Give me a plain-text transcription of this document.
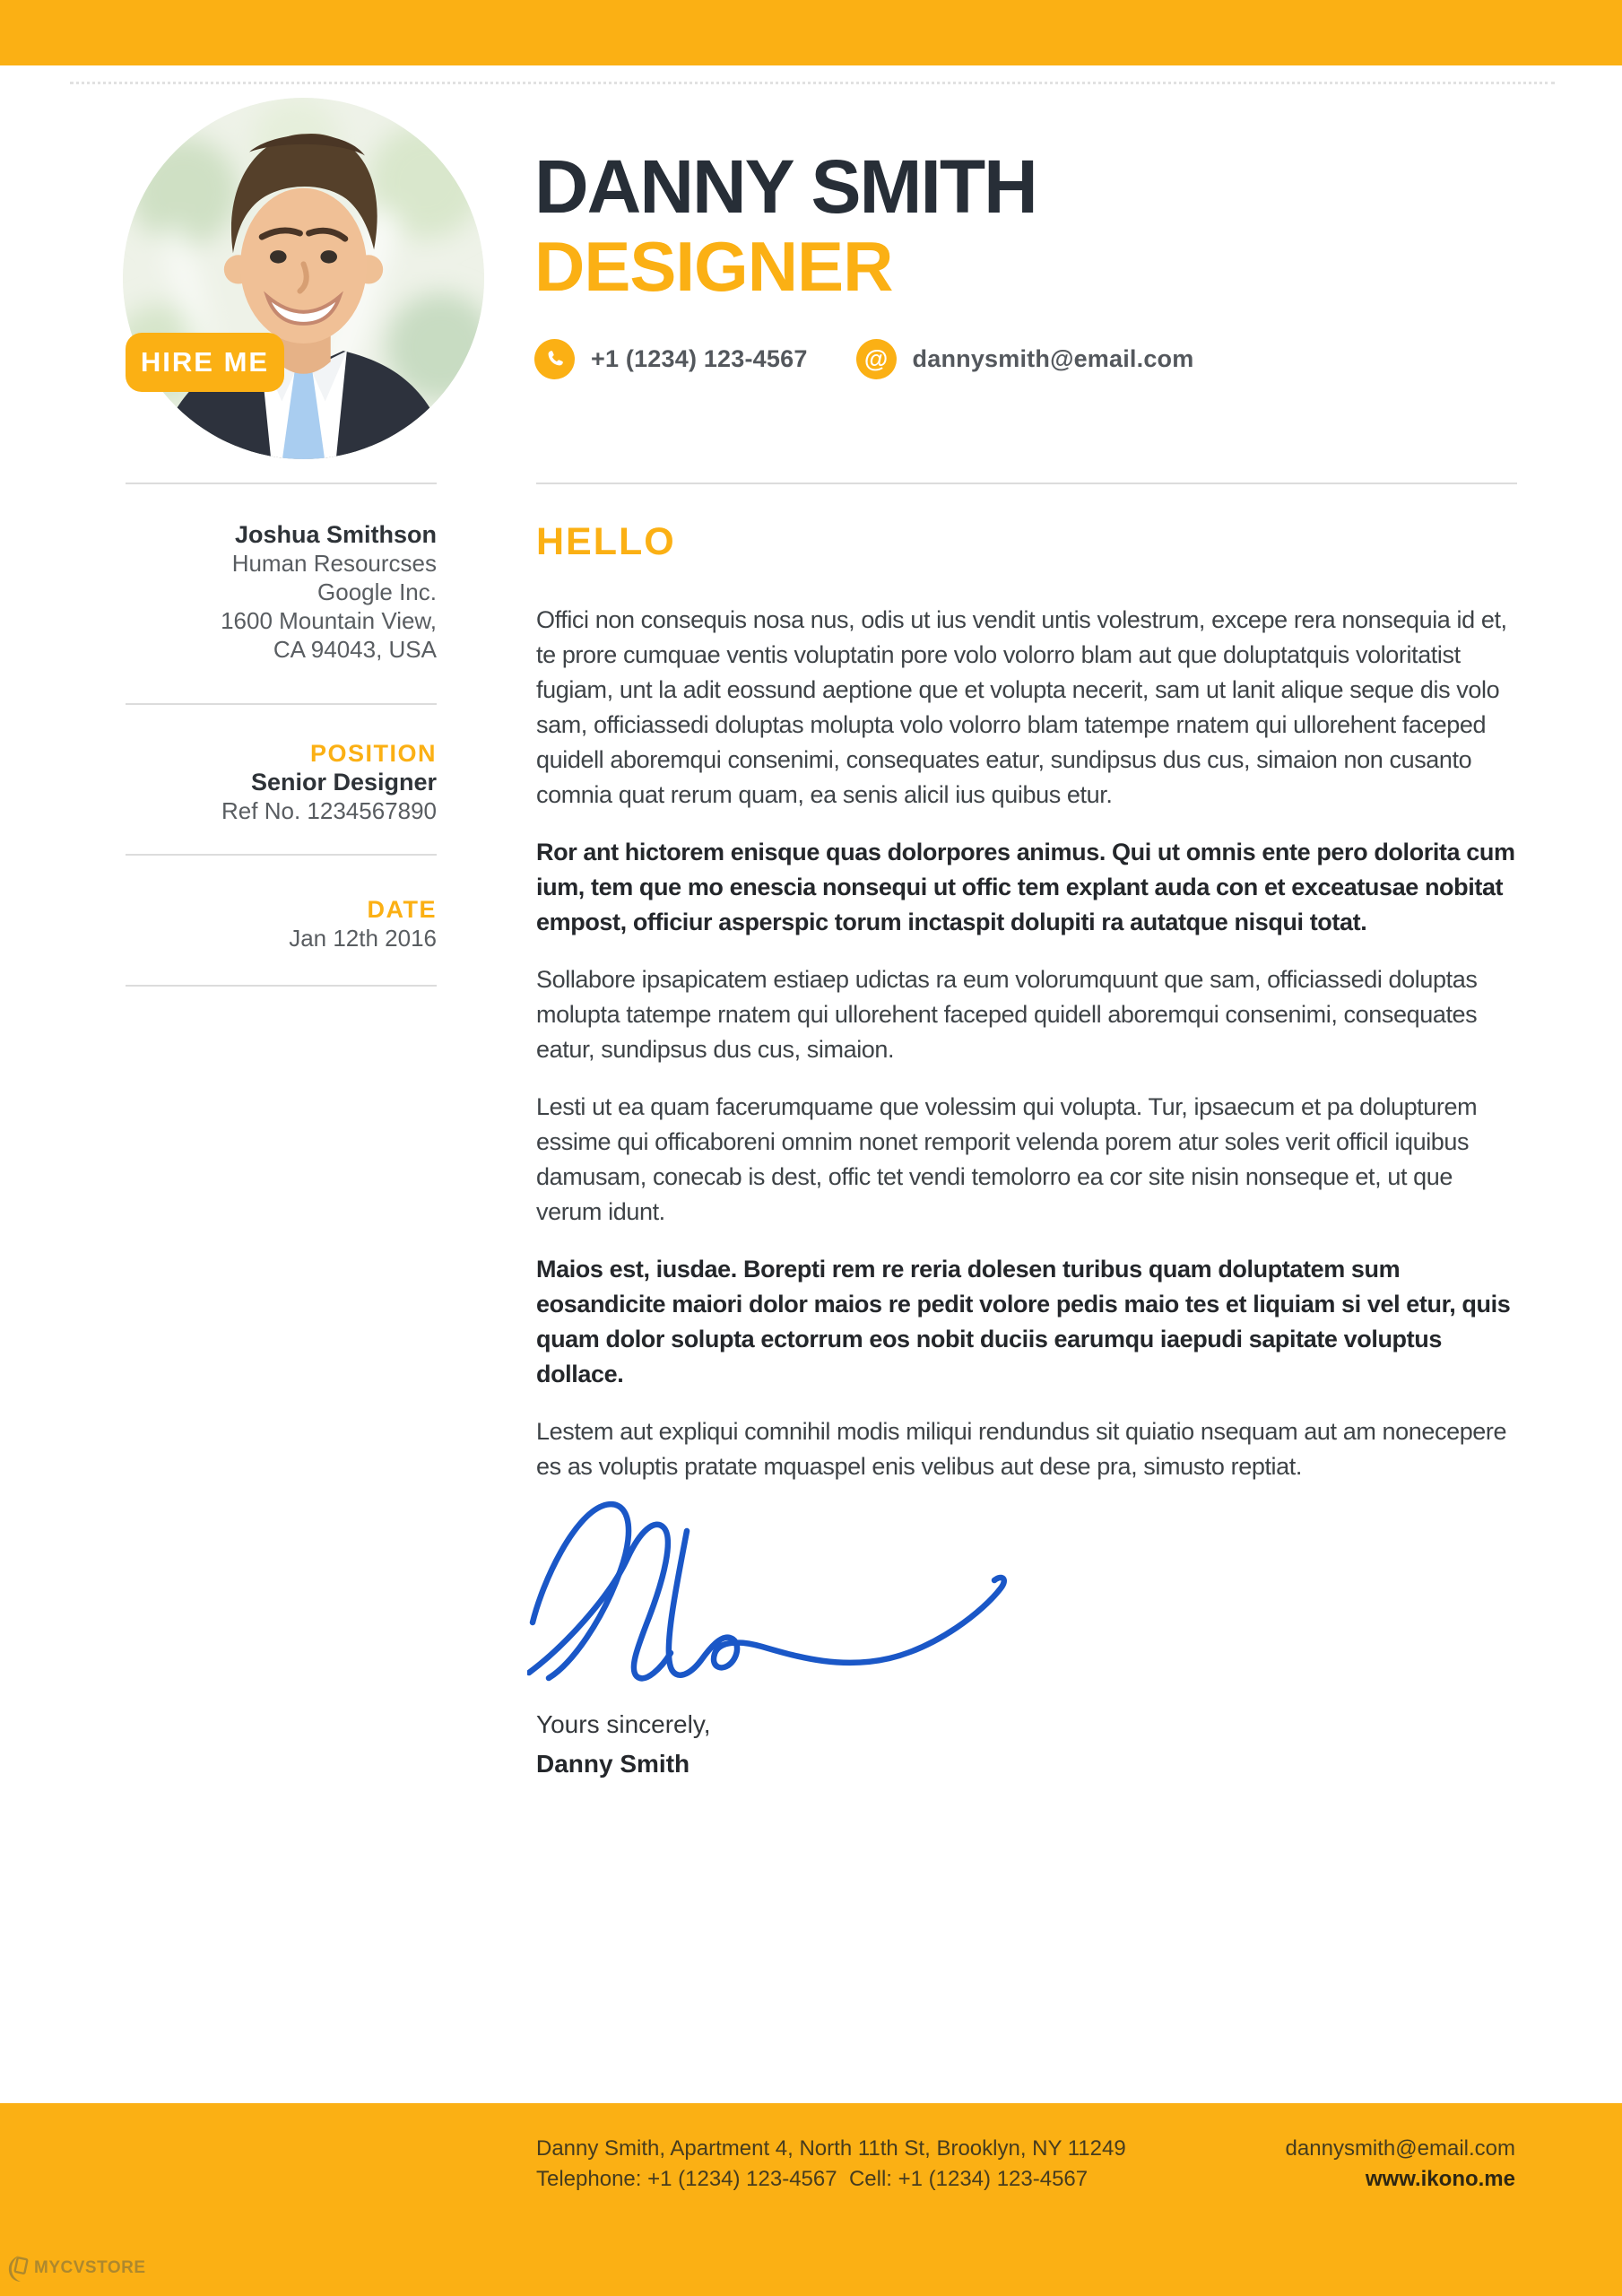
HIRE ME
DANNY SMITH
DESIGNER
+1 (1234) 123-4567	@	dannysmith@email.com
Joshua Smithson
Human Resourcses
Google Inc.
1600 Mountain View,
CA 94043, USA
POSITION
Senior Designer
Ref No. 1234567890
DATE
Jan 12th 2016
HELLO

Offici non consequis nosa nus, odis ut ius vendit untis volestrum, excepe rera nonsequia id et, te prore cumquae ventis voluptatin pore volo volorro blam aut que doluptatquis voloritatist fugiam, unt la adit eossund aeptione que et volupta necerit, sam ut lanit alique seque dis volo sam, officiassedi doluptas molupta volo volorro blam tatempe rnatem qui ullorehent faceped quidell aboremqui consenimi, consequates eatur, sundipsus dus cus, simaion non cusanto comnia quat rerum quam, ea senis alicil ius quibus etur.

Ror ant hictorem enisque quas dolorpores animus. Qui ut omnis ente pero dolorita cum ium, tem que mo enescia nonsequi ut offic tem explant auda con et exceatusae nobitat empost, officiur asperspic torum inctaspit dolupiti ra autatque nisqui totat.

Sollabore ipsapicatem estiaep udictas ra eum volorumquunt que sam, officiassedi doluptas molupta tatempe rnatem qui ullorehent faceped quidell aboremqui consenimi, consequates eatur, sundipsus dus cus, simaion.

Lesti ut ea quam facerumquame que volessim qui volupta. Tur, ipsaecum et pa dolupturem essime qui officaboreni omnim nonet remporit velenda porem atur soles verit officil iquibus damusam, conecab is dest, offic tet vendi temolorro ea cor site nisin nonseque et, ut que verum idunt.

Maios est, iusdae. Borepti rem re reria dolesen turibus quam doluptatem sum eosandicite maiori dolor maios re pedit volore pedis maio tes et liquiam si vel etur, quis quam dolor solupta ectorrum eos nobit duciis earumqu iaepudi sapitate voluptus dollace.

Lestem aut expliqui comnihil modis miliqui rendundus sit quiatio nsequam aut am nonecepere es as voluptis pratate mquaspel enis velibus aut dese pra, simusto reptiat.

Yours sincerely,

Danny Smith

Danny Smith, Apartment 4, North 11th St, Brooklyn, NY 11249
Telephone: +1 (1234) 123-4567  Cell: +1 (1234) 123-4567
dannysmith@email.com
www.ikono.me
MYCVSTORE
